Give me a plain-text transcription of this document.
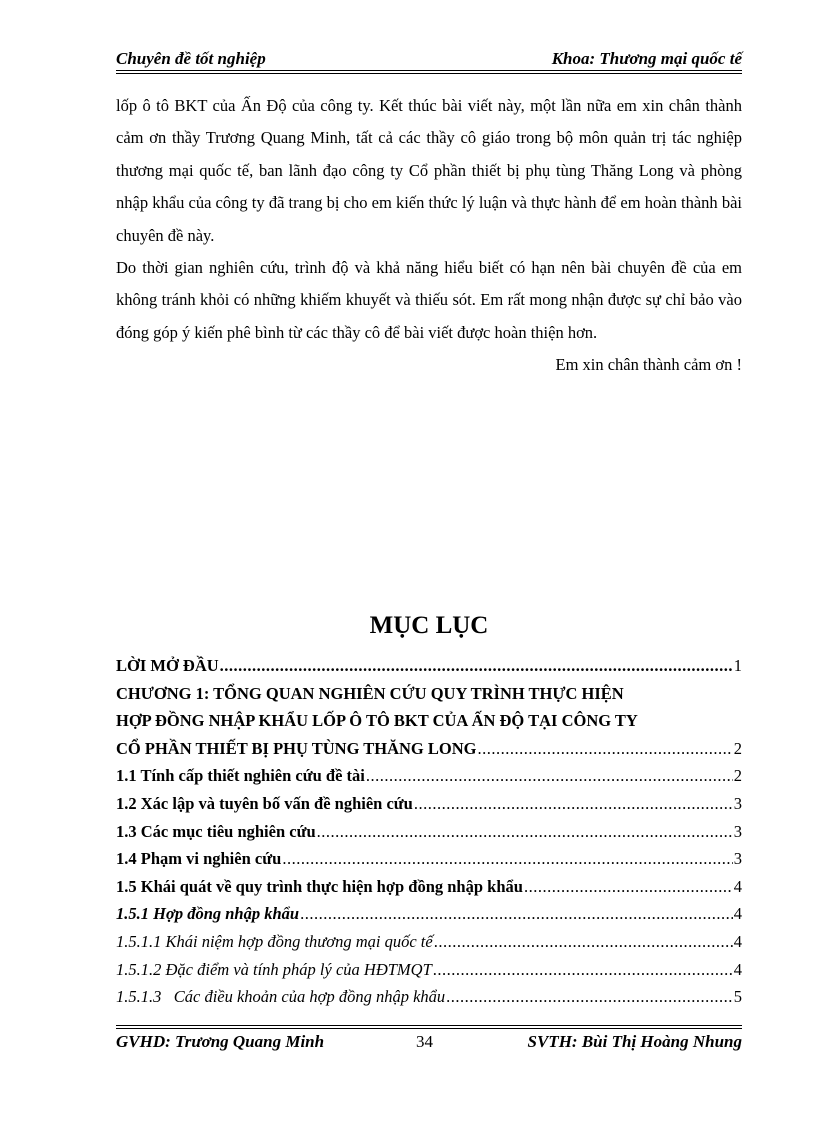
Chuyên đề tốt nghiệp	Khoa: Thương mại quốc tế

lốp ô tô BKT của Ấn Độ của công ty. Kết thúc bài viết này, một lần nữa em xin chân thành cảm ơn thầy Trương Quang Minh, tất cả các thầy cô giáo trong bộ môn quản trị tác nghiệp thương mại quốc tế, ban lãnh đạo công ty Cổ phần thiết bị phụ tùng Thăng Long và phòng nhập khẩu của công ty đã trang bị cho em kiến thức lý luận và thực hành để em hoàn thành bài chuyên đề này.

Do thời gian nghiên cứu, trình độ và khả năng hiểu biết có hạn nên bài chuyên đề của em không tránh khỏi có những khiếm khuyết và thiếu sót. Em rất mong nhận được sự chỉ bảo vào đóng góp ý kiến phê bình từ các thầy cô để bài viết được hoàn thiện hơn.

Em xin chân thành cảm ơn !

MỤC LỤC
LỜI MỞ ĐẦU .....	1
CHƯƠNG 1: TỔNG QUAN NGHIÊN CỨU QUY TRÌNH THỰC HIỆN
HỢP ĐỒNG NHẬP KHẨU LỐP Ô TÔ BKT CỦA ẤN ĐỘ TẠI CÔNG TY
CỔ PHẦN THIẾT BỊ PHỤ TÙNG THĂNG LONG .....	2
1.1 Tính cấp thiết nghiên cứu đề tài .....	2
1.2 Xác lập và tuyên bố vấn đề nghiên cứu .....	3
1.3 Các mục tiêu nghiên cứu .....	3
1.4 Phạm vi nghiên cứu .....	3
1.5 Khái quát về quy trình thực hiện hợp đồng nhập khẩu .....	4
1.5.1 Hợp đồng nhập khẩu .....	4
1.5.1.1 Khái niệm hợp đồng thương mại quốc tế .....	4
1.5.1.2 Đặc điểm và tính pháp lý của HĐTMQT .....	4
1.5.1.3   Các điều khoản của hợp đồng nhập khẩu .....	5
GVHD: Trương Quang Minh	34	SVTH: Bùi Thị Hoàng Nhung
